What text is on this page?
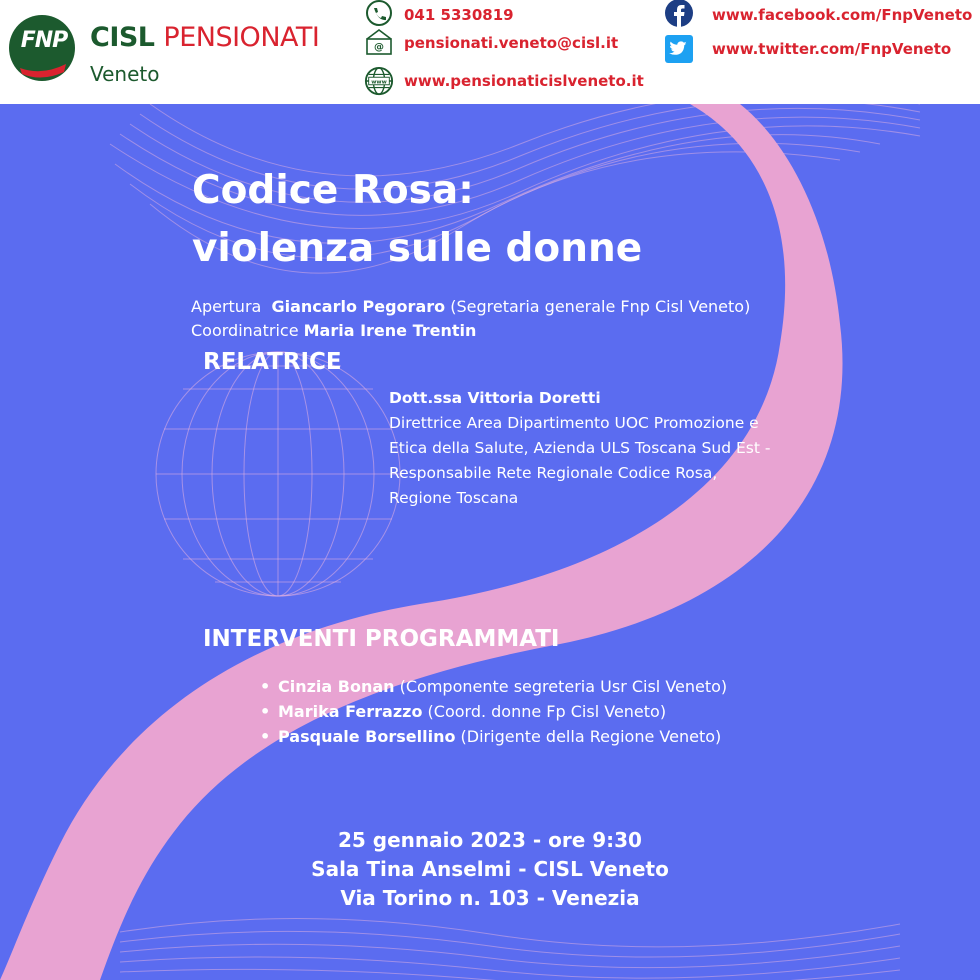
FNP CISL PENSIONATI
Veneto
041 5330819
@ pensionati.veneto@cisl.it
www www.pensionaticislveneto.it
www.facebook.com/FnpVeneto
www.twitter.com/FnpVeneto
Codice Rosa:
violenza sulle donne
Apertura Giancarlo Pegoraro (Segretaria generale Fnp Cisl Veneto)
Coordinatrice Maria Irene Trentin
RELATRICE
Dott.ssa Vittoria Doretti
Direttrice Area Dipartimento UOC Promozione e
Etica della Salute, Azienda ULS Toscana Sud Est -
Responsabile Rete Regionale Codice Rosa,
Regione Toscana
INTERVENTI PROGRAMMATI
• Cinzia Bonan (Componente segreteria Usr Cisl Veneto)
• Marika Ferrazzo (Coord. donne Fp Cisl Veneto)
• Pasquale Borsellino (Dirigente della Regione Veneto)
25 gennaio 2023 - ore 9:30
Sala Tina Anselmi - CISL Veneto
Via Torino n. 103 - Venezia
